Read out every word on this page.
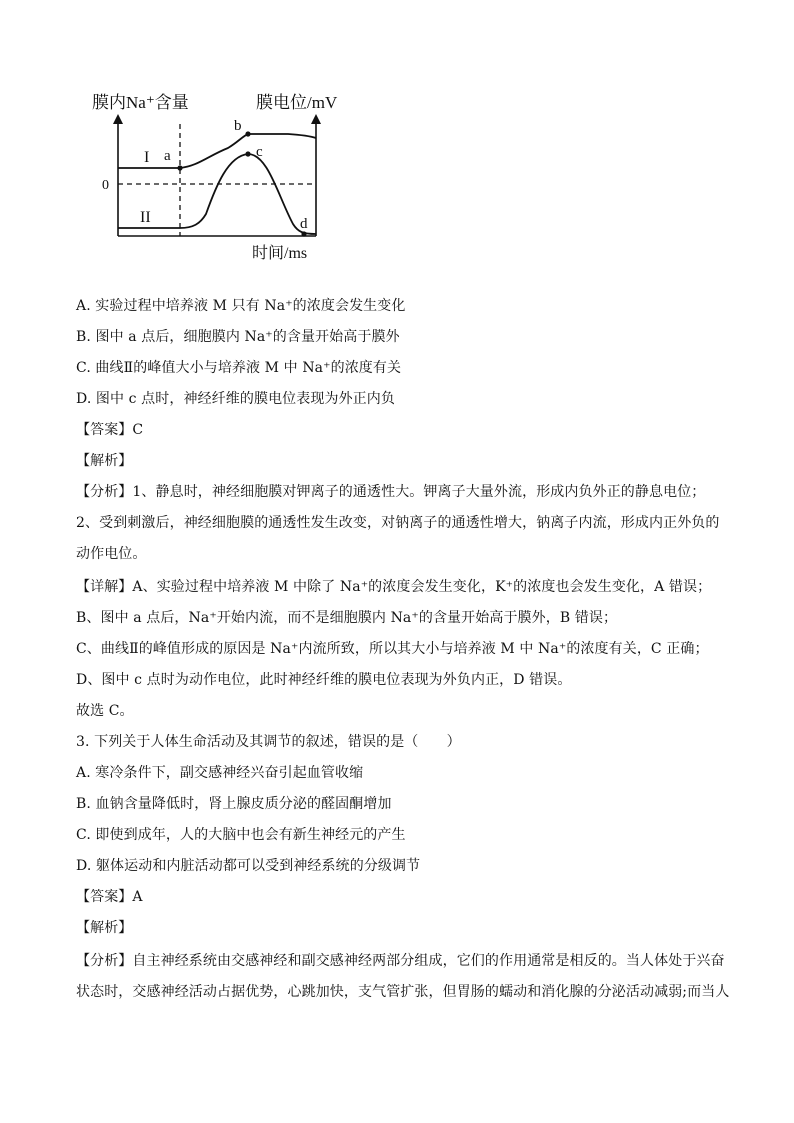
膜内Na⁺含量	膜电位/mV
0
a
b
c
d
I
II
时间/ms
A. 实验过程中培养液 M 只有 Na⁺的浓度会发生变化
B. 图中 a 点后，细胞膜内 Na⁺的含量开始高于膜外
C. 曲线Ⅱ的峰值大小与培养液 M 中 Na⁺的浓度有关
D. 图中 c 点时，神经纤维的膜电位表现为外正内负
【答案】C
【解析】
【分析】1、静息时，神经细胞膜对钾离子的通透性大。钾离子大量外流，形成内负外正的静息电位；
2、受到刺激后，神经细胞膜的通透性发生改变，对钠离子的通透性增大，钠离子内流，形成内正外负的
动作电位。
【详解】A、实验过程中培养液 M 中除了 Na⁺的浓度会发生变化，K⁺的浓度也会发生变化，A 错误；
B、图中 a 点后，Na⁺开始内流，而不是细胞膜内 Na⁺的含量开始高于膜外，B 错误；
C、曲线Ⅱ的峰值形成的原因是 Na⁺内流所致，所以其大小与培养液 M 中 Na⁺的浓度有关，C 正确；
D、图中 c 点时为动作电位，此时神经纤维的膜电位表现为外负内正，D 错误。
故选 C。
3. 下列关于人体生命活动及其调节的叙述，错误的是（　　）
A. 寒冷条件下，副交感神经兴奋引起血管收缩
B. 血钠含量降低时，肾上腺皮质分泌的醛固酮增加
C. 即使到成年，人的大脑中也会有新生神经元的产生
D. 躯体运动和内脏活动都可以受到神经系统的分级调节
【答案】A
【解析】
【分析】自主神经系统由交感神经和副交感神经两部分组成，它们的作用通常是相反的。当人体处于兴奋
状态时，交感神经活动占据优势，心跳加快，支气管扩张，但胃肠的蠕动和消化腺的分泌活动减弱;而当人
